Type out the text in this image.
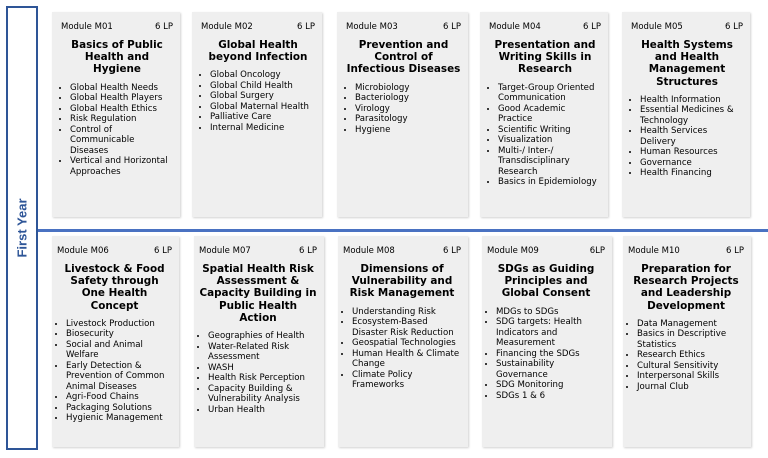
First Year
Module M01	6 LP
Basics of Public Health and Hygiene
• Global Health Needs
• Global Health Players
• Global Health Ethics
• Risk Regulation
• Control of Communicable Diseases
• Vertical and Horizontal Approaches
Module M02	6 LP
Global Health beyond Infection
• Global Oncology
• Global Child Health
• Global Surgery
• Global Maternal Health
• Palliative Care
• Internal Medicine
Module M03	6 LP
Prevention and Control of Infectious Diseases
• Microbiology
• Bacteriology
• Virology
• Parasitology
• Hygiene
Module M04	6 LP
Presentation and Writing Skills in Research
• Target-Group Oriented Communication
• Good Academic Practice
• Scientific Writing
• Visualization
• Multi-/ Inter-/ Transdisciplinary Research
• Basics in Epidemiology
Module M05	6 LP
Health Systems and Health Management Structures
• Health Information
• Essential Medicines & Technology
• Health Services Delivery
• Human Resources
• Governance
• Health Financing
Module M06	6 LP
Livestock & Food Safety through One Health Concept
• Livestock Production
• Biosecurity
• Social and Animal Welfare
• Early Detection & Prevention of Common Animal Diseases
• Agri-Food Chains
• Packaging Solutions
• Hygienic Management
Module M07	6 LP
Spatial Health Risk Assessment & Capacity Building in Public Health Action
• Geographies of Health
• Water-Related Risk Assessment
• WASH
• Health Risk Perception
• Capacity Building & Vulnerability Analysis
• Urban Health
Module M08	6 LP
Dimensions of Vulnerability and Risk Management
• Understanding Risk
• Ecosystem-Based Disaster Risk Reduction
• Geospatial Technologies
• Human Health & Climate Change
• Climate Policy Frameworks
Module M09	6LP
SDGs as Guiding Principles and Global Consent
• MDGs to SDGs
• SDG targets: Health Indicators and Measurement
• Financing the SDGs
• Sustainability Governance
• SDG Monitoring
• SDGs 1 & 6
Module M10	6 LP
Preparation for Research Projects and Leadership Development
• Data Management
• Basics in Descriptive Statistics
• Research Ethics
• Cultural Sensitivity
• Interpersonal Skills
• Journal Club
